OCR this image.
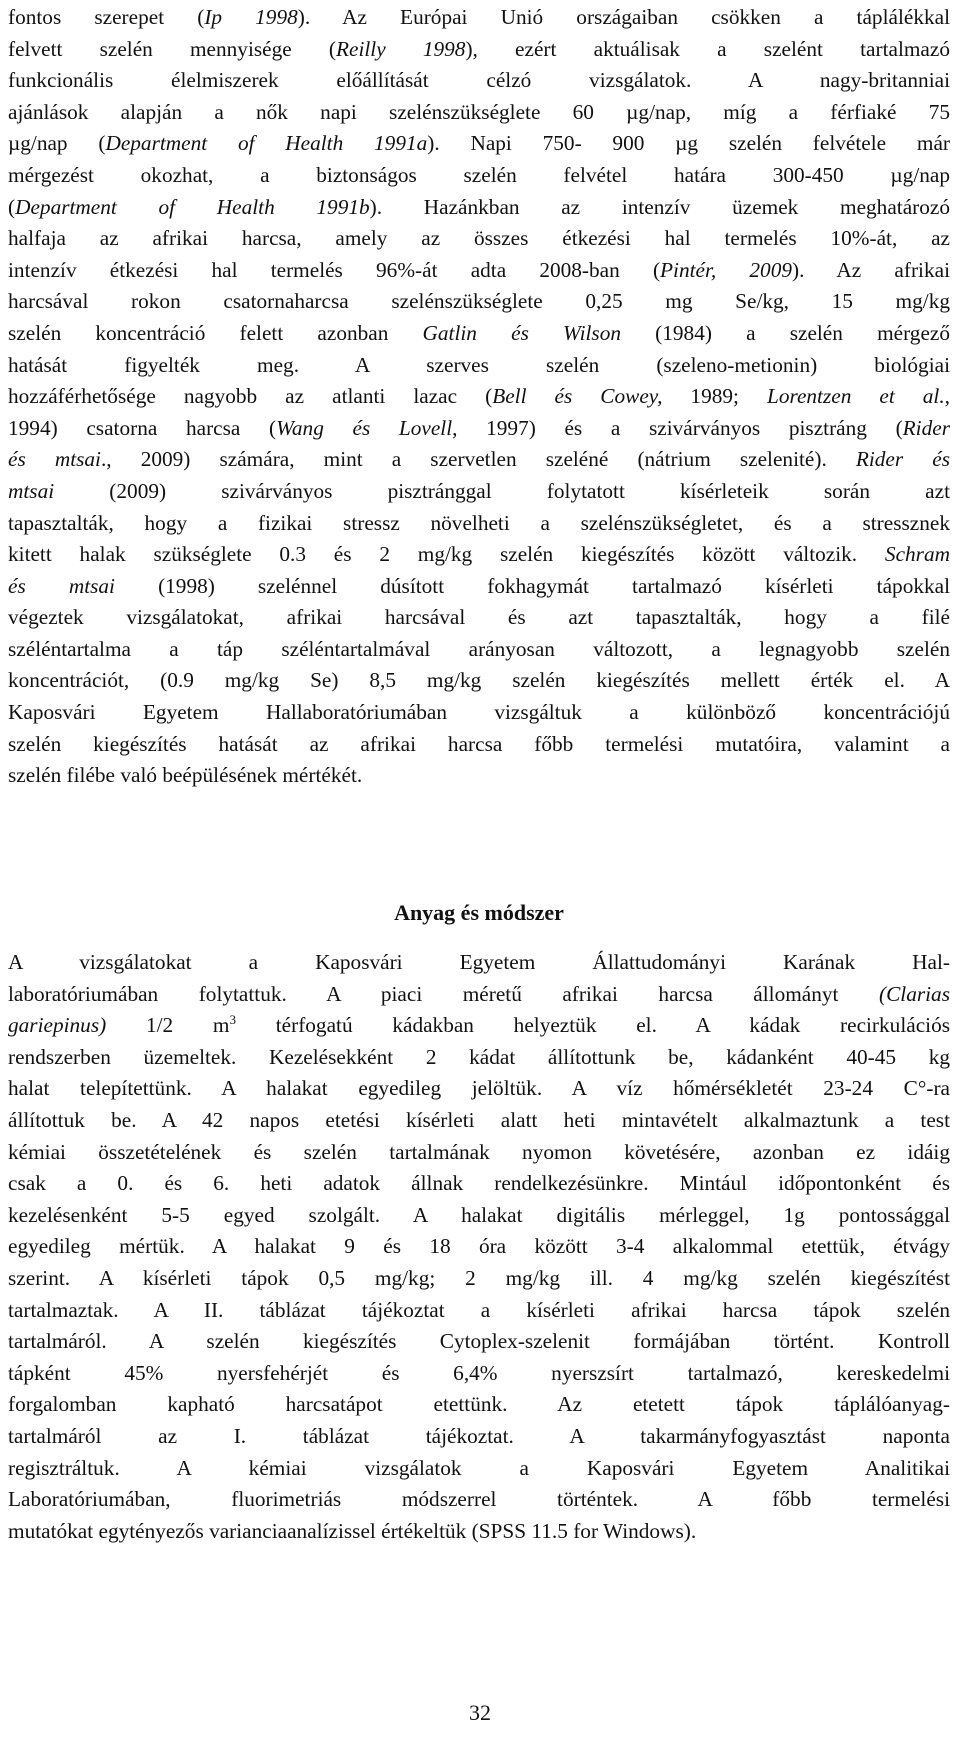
fontos szerepet (Ip 1998). Az Európai Unió országaiban csökken a táplálékkal
felvett szelén mennyisége (Reilly 1998), ezért aktuálisak a szelént tartalmazó
funkcionális élelmiszerek előállítását célzó vizsgálatok. A nagy-britanniai
ajánlások alapján a nők napi szelénszükséglete 60 µg/nap, míg a férfiaké 75
µg/nap (Department of Health 1991a). Napi 750- 900 µg szelén felvétele már
mérgezést okozhat, a biztonságos szelén felvétel határa 300-450 µg/nap
(Department of Health 1991b). Hazánkban az intenzív üzemek meghatározó
halfaja az afrikai harcsa, amely az összes étkezési hal termelés 10%-át, az
intenzív étkezési hal termelés 96%-át adta 2008-ban (Pintér, 2009). Az afrikai
harcsával rokon csatornaharcsa szelénszükséglete 0,25 mg Se/kg, 15 mg/kg
szelén koncentráció felett azonban Gatlin és Wilson (1984) a szelén mérgező
hatását figyelték meg. A szerves szelén (szeleno-metionin) biológiai
hozzáférhetősége nagyobb az atlanti lazac (Bell és Cowey, 1989; Lorentzen et al.,
1994) csatorna harcsa (Wang és Lovell, 1997) és a szivárványos pisztráng (Rider
és mtsai., 2009) számára, mint a szervetlen szeléné (nátrium szelenité). Rider és
mtsai (2009) szivárványos pisztránggal folytatott kísérleteik során azt
tapasztalták, hogy a fizikai stressz növelheti a szelénszükségletet, és a stressznek
kitett halak szükséglete 0.3 és 2 mg/kg szelén kiegészítés között változik. Schram
és mtsai (1998) szelénnel dúsított fokhagymát tartalmazó kísérleti tápokkal
végeztek vizsgálatokat, afrikai harcsával és azt tapasztalták, hogy a filé
széléntartalma a táp széléntartalmával arányosan változott, a legnagyobb szelén
koncentrációt, (0.9 mg/kg Se) 8,5 mg/kg szelén kiegészítés mellett érték el. A
Kaposvári Egyetem Hallaboratóriumában vizsgáltuk a különböző koncentrációjú
szelén kiegészítés hatását az afrikai harcsa főbb termelési mutatóira, valamint a
szelén filébe való beépülésének mértékét.
Anyag és módszer
A vizsgálatokat a Kaposvári Egyetem Állattudományi Karának Hal-
laboratóriumában folytattuk. A piaci méretű afrikai harcsa állományt (Clarias
gariepinus) 1/2 $m^3$ térfogatú kádakban helyeztük el. A kádak recirkulációs
rendszerben üzemeltek. Kezelésekként 2 kádat állítottunk be, kádanként 40-45 kg
halat telepítettünk. A halakat egyedileg jelöltük. A víz hőmérsékletét 23-24 C°-ra
állítottuk be. A 42 napos etetési kísérleti alatt heti mintavételt alkalmaztunk a test
kémiai összetételének és szelén tartalmának nyomon követésére, azonban ez idáig
csak a 0. és 6. heti adatok állnak rendelkezésünkre. Mintául időpontonként és
kezelésenként 5-5 egyed szolgált. A halakat digitális mérleggel, 1g pontossággal
egyedileg mértük. A halakat 9 és 18 óra között 3-4 alkalommal etettük, étvágy
szerint. A kísérleti tápok 0,5 mg/kg; 2 mg/kg ill. 4 mg/kg szelén kiegészítést
tartalmaztak. A II. táblázat tájékoztat a kísérleti afrikai harcsa tápok szelén
tartalmáról. A szelén kiegészítés Cytoplex-szelenit formájában történt. Kontroll
tápként 45% nyersfehérjét és 6,4% nyerszsírt tartalmazó, kereskedelmi
forgalomban kapható harcsatápot etettünk. Az etetett tápok táplálóanyag-
tartalmáról az I. táblázat tájékoztat. A takarmányfogyasztást naponta
regisztráltuk. A kémiai vizsgálatok a Kaposvári Egyetem Analitikai
Laboratóriumában, fluorimetriás módszerrel történtek. A főbb termelési
mutatókat egytényezős varianciaanalízissel értékeltük (SPSS 11.5 for Windows).
32
